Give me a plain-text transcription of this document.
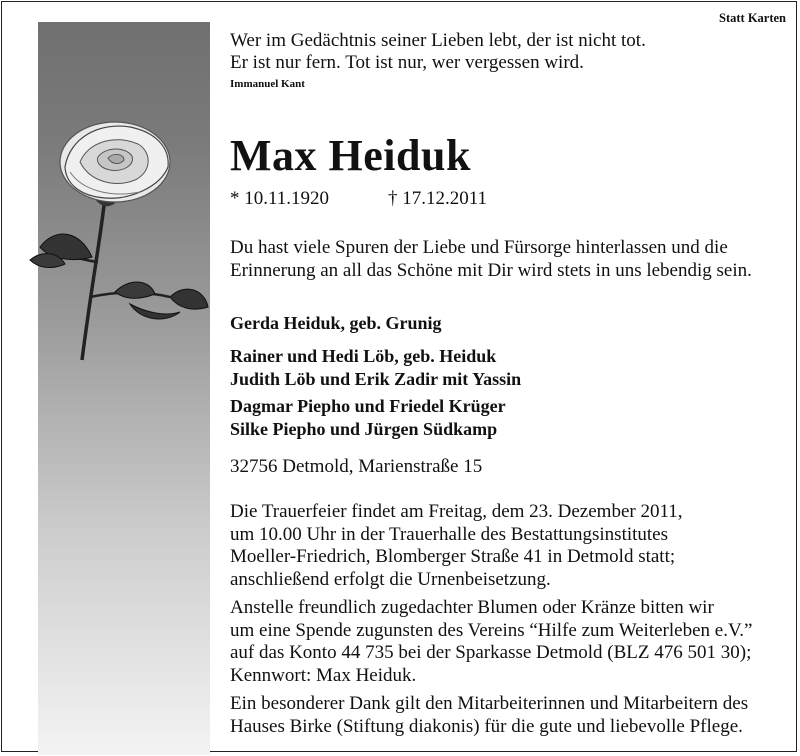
Statt Karten

Wer im Gedächtnis seiner Lieben lebt, der ist nicht tot.

Er ist nur fern. Tot ist nur, wer vergessen wird.

Immanuel Kant
Max Heiduk
* 10.11.1920	† 17.12.2011
Du hast viele Spuren der Liebe und Fürsorge hinterlassen und die
Erinnerung an all das Schöne mit Dir wird stets in uns lebendig sein.
Gerda Heiduk, geb. Grunig
Rainer und Hedi Löb, geb. Heiduk
Judith Löb und Erik Zadir mit Yassin
Dagmar Piepho und Friedel Krüger
Silke Piepho und Jürgen Südkamp
32756 Detmold, Marienstraße 15

Die Trauerfeier findet am Freitag, dem 23. Dezember 2011,
um 10.00 Uhr in der Trauerhalle des Bestattungsinstitutes
Moeller-Friedrich, Blomberger Straße 41 in Detmold statt;
anschließend erfolgt die Urnenbeisetzung.

Anstelle freundlich zugedachter Blumen oder Kränze bitten wir
um eine Spende zugunsten des Vereins “Hilfe zum Weiterleben e.V.”
auf das Konto 44 735 bei der Sparkasse Detmold (BLZ 476 501 30);
Kennwort: Max Heiduk.

Ein besonderer Dank gilt den Mitarbeiterinnen und Mitarbeitern des
Hauses Birke (Stiftung diakonis) für die gute und liebevolle Pflege.
